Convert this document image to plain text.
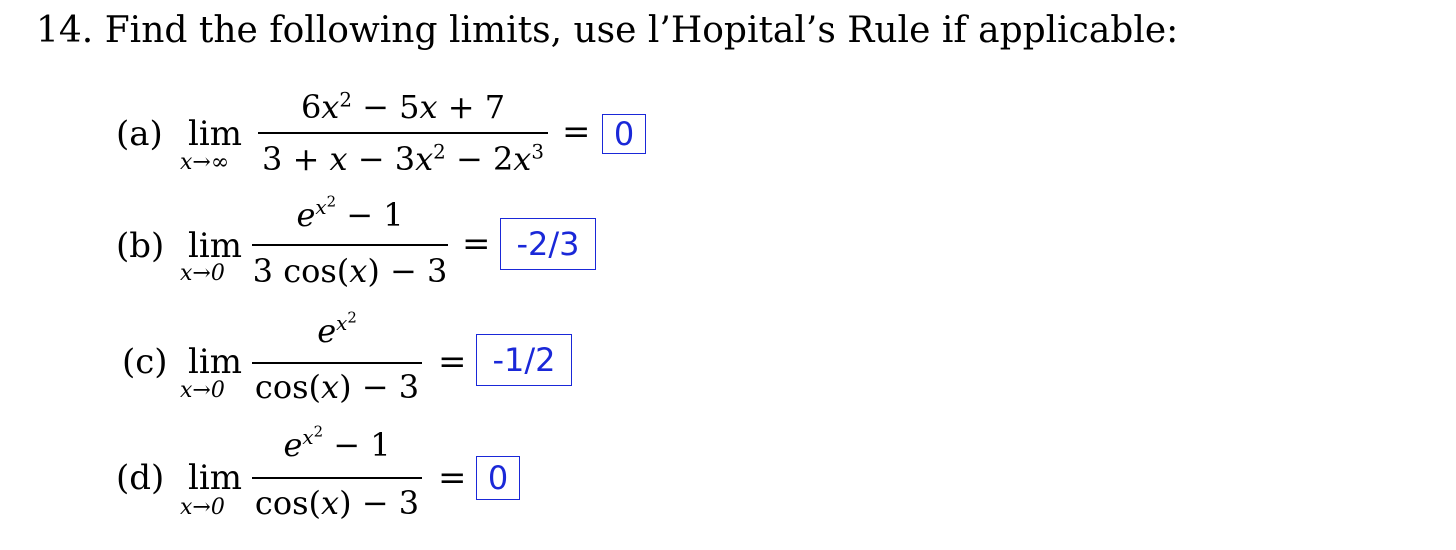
14. Find the following limits, use l’Hopital’s Rule if applicable:
(a) lim
x→∞
$6x^2 - 5x + 7$
$3 + x - 3x^2 - 2x^3 = 0$
(b) lim
x→0
$e^{x^2} - 1$
3 cos(x) − 3
= -2/3
(c) lim
x→0
$e^{x^2}$
cos(x) − 3
= -1/2
(d) lim
x→0
$e^{x^2} - 1$
cos(x) − 3
= 0
